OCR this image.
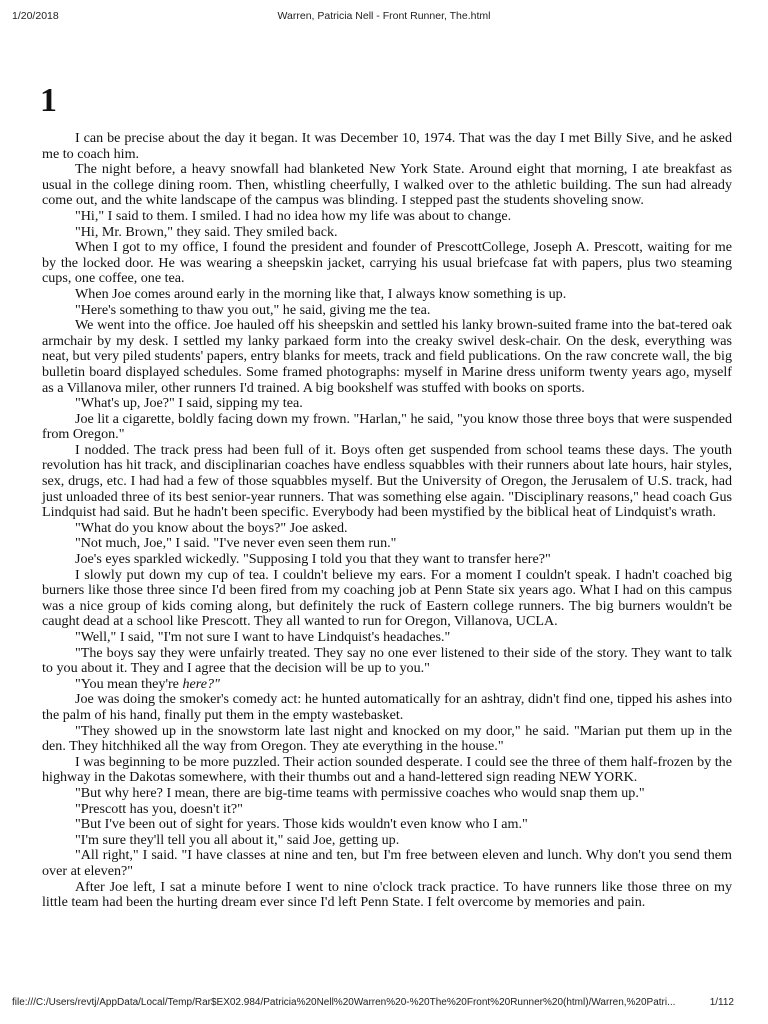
1/20/2018	Warren, Patricia Nell - Front Runner, The.html
1

I can be precise about the day it began. It was December 10, 1974. That was the day I met Billy Sive, and he asked me to coach him.

The night before, a heavy snowfall had blanketed New York State. Around eight that morning, I ate breakfast as usual in the college dining room. Then, whistling cheerfully, I walked over to the athletic building. The sun had already come out, and the white landscape of the campus was blinding. I stepped past the students shoveling snow.

"Hi," I said to them. I smiled. I had no idea how my life was about to change.

"Hi, Mr. Brown," they said. They smiled back.

When I got to my office, I found the president and founder of PrescottCollege, Joseph A. Prescott, waiting for me by the locked door. He was wearing a sheepskin jacket, carrying his usual briefcase fat with papers, plus two steaming cups, one coffee, one tea.

When Joe comes around early in the morning like that, I always know something is up.

"Here's something to thaw you out," he said, giving me the tea.

We went into the office. Joe hauled off his sheepskin and settled his lanky brown-suited frame into the bat-tered oak armchair by my desk. I settled my lanky parkaed form into the creaky swivel desk-chair. On the desk, everything was neat, but very piled students' papers, entry blanks for meets, track and field publications. On the raw concrete wall, the big bulletin board displayed schedules. Some framed photographs: myself in Marine dress uniform twenty years ago, myself as a Villanova miler, other runners I'd trained. A big bookshelf was stuffed with books on sports.

"What's up, Joe?" I said, sipping my tea.

Joe lit a cigarette, boldly facing down my frown. "Harlan," he said, "you know those three boys that were suspended from Oregon."

I nodded. The track press had been full of it. Boys often get suspended from school teams these days. The youth revolution has hit track, and disciplinarian coaches have endless squabbles with their runners about late hours, hair styles, sex, drugs, etc. I had had a few of those squabbles myself. But the University of Oregon, the Jerusalem of U.S. track, had just unloaded three of its best senior-year runners. That was something else again. "Disciplinary reasons," head coach Gus Lindquist had said. But he hadn't been specific. Everybody had been mystified by the biblical heat of Lindquist's wrath.

"What do you know about the boys?" Joe asked.

"Not much, Joe," I said. "I've never even seen them run."

Joe's eyes sparkled wickedly. "Supposing I told you that they want to transfer here?"

I slowly put down my cup of tea. I couldn't believe my ears. For a moment I couldn't speak. I hadn't coached big burners like those three since I'd been fired from my coaching job at Penn State six years ago. What I had on this campus was a nice group of kids coming along, but definitely the ruck of Eastern college runners. The big burners wouldn't be caught dead at a school like Prescott. They all wanted to run for Oregon, Villanova, UCLA.

"Well," I said, "I'm not sure I want to have Lindquist's headaches."

"The boys say they were unfairly treated. They say no one ever listened to their side of the story. They want to talk to you about it. They and I agree that the decision will be up to you."

"You mean they're here?"

Joe was doing the smoker's comedy act: he hunted automatically for an ashtray, didn't find one, tipped his ashes into the palm of his hand, finally put them in the empty wastebasket.

"They showed up in the snowstorm late last night and knocked on my door," he said. "Marian put them up in the den. They hitchhiked all the way from Oregon. They ate everything in the house."

I was beginning to be more puzzled. Their action sounded desperate. I could see the three of them half-frozen by the highway in the Dakotas somewhere, with their thumbs out and a hand-lettered sign reading NEW YORK.

"But why here? I mean, there are big-time teams with permissive coaches who would snap them up."

"Prescott has you, doesn't it?"

"But I've been out of sight for years. Those kids wouldn't even know who I am."

"I'm sure they'll tell you all about it," said Joe, getting up.

"All right," I said. "I have classes at nine and ten, but I'm free between eleven and lunch. Why don't you send them over at eleven?"

After Joe left, I sat a minute before I went to nine o'clock track practice. To have runners like those three on my little team had been the hurting dream ever since I'd left Penn State. I felt overcome by memories and pain.

file:///C:/Users/revtj/AppData/Local/Temp/Rar$EX02.984/Patricia%20Nell%20Warren%20-%20The%20Front%20Runner%20(html)/Warren,%20Patri...	1/112
